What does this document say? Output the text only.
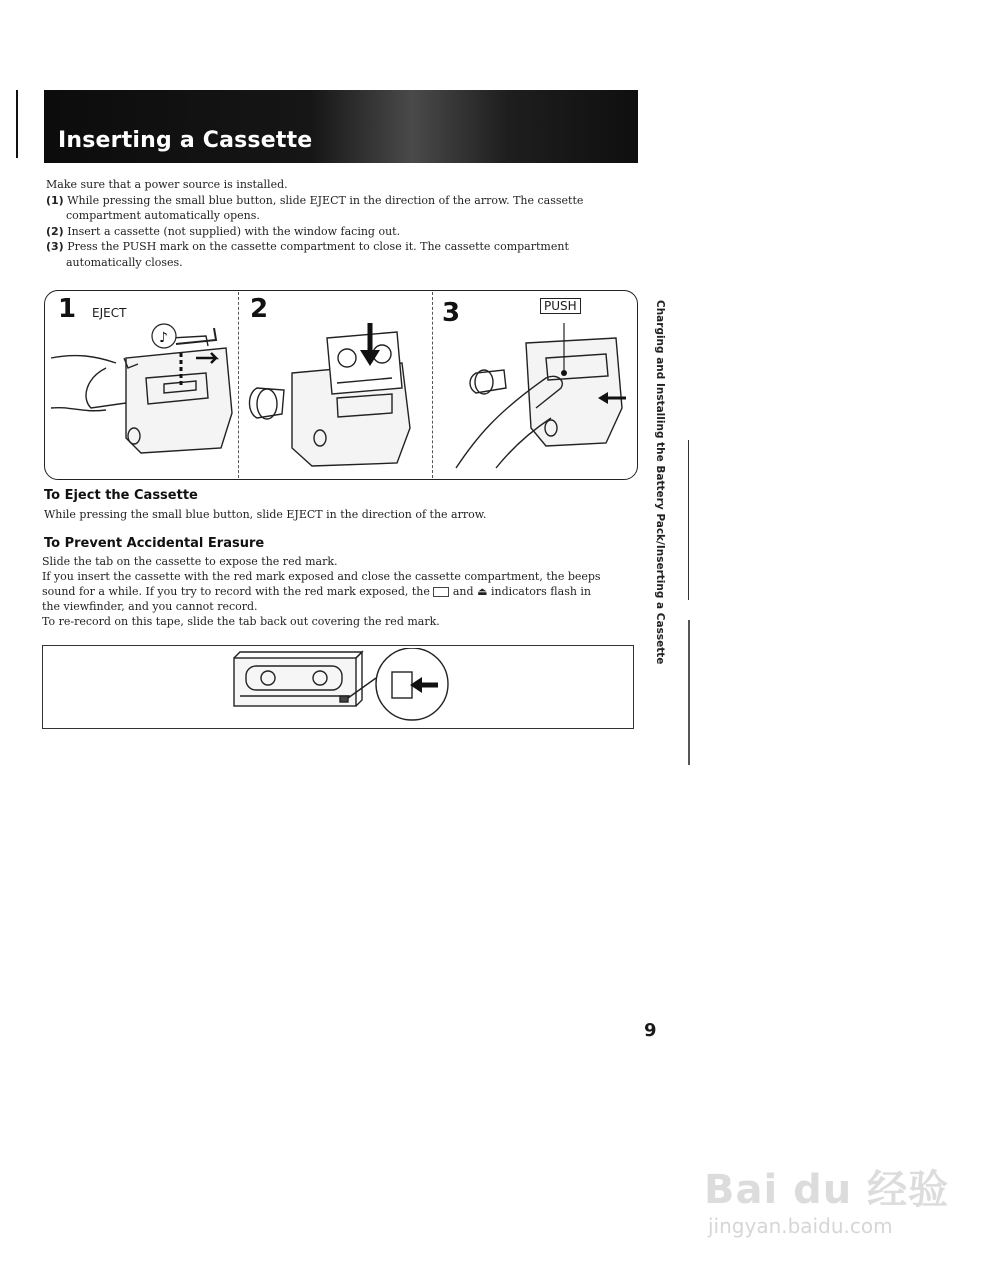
Inserting a Cassette
Make sure that a power source is installed.
(1) While pressing the small blue button, slide EJECT in the direction of the arrow. The cassette
compartment automatically opens.
(2) Insert a cassette (not supplied) with the window facing out.
(3) Press the PUSH mark on the cassette compartment to close it. The cassette compartment
automatically closes.
1	2	3
EJECT	PUSH
♪
To Eject the Cassette
While pressing the small blue button, slide EJECT in the direction of the arrow.
To Prevent Accidental Erasure
Slide the tab on the cassette to expose the red mark.
If you insert the cassette with the red mark exposed and close the cassette compartment, the beeps
sound for a while. If you try to record with the red mark exposed, the and ⏏ indicators flash in
the viewfinder, and you cannot record.
To re-record on this tape, slide the tab back out covering the red mark.	Charging and Installing the Battery Pack/Inserting a Cassette
9
Bai du 经验
jingyan.baidu.com
